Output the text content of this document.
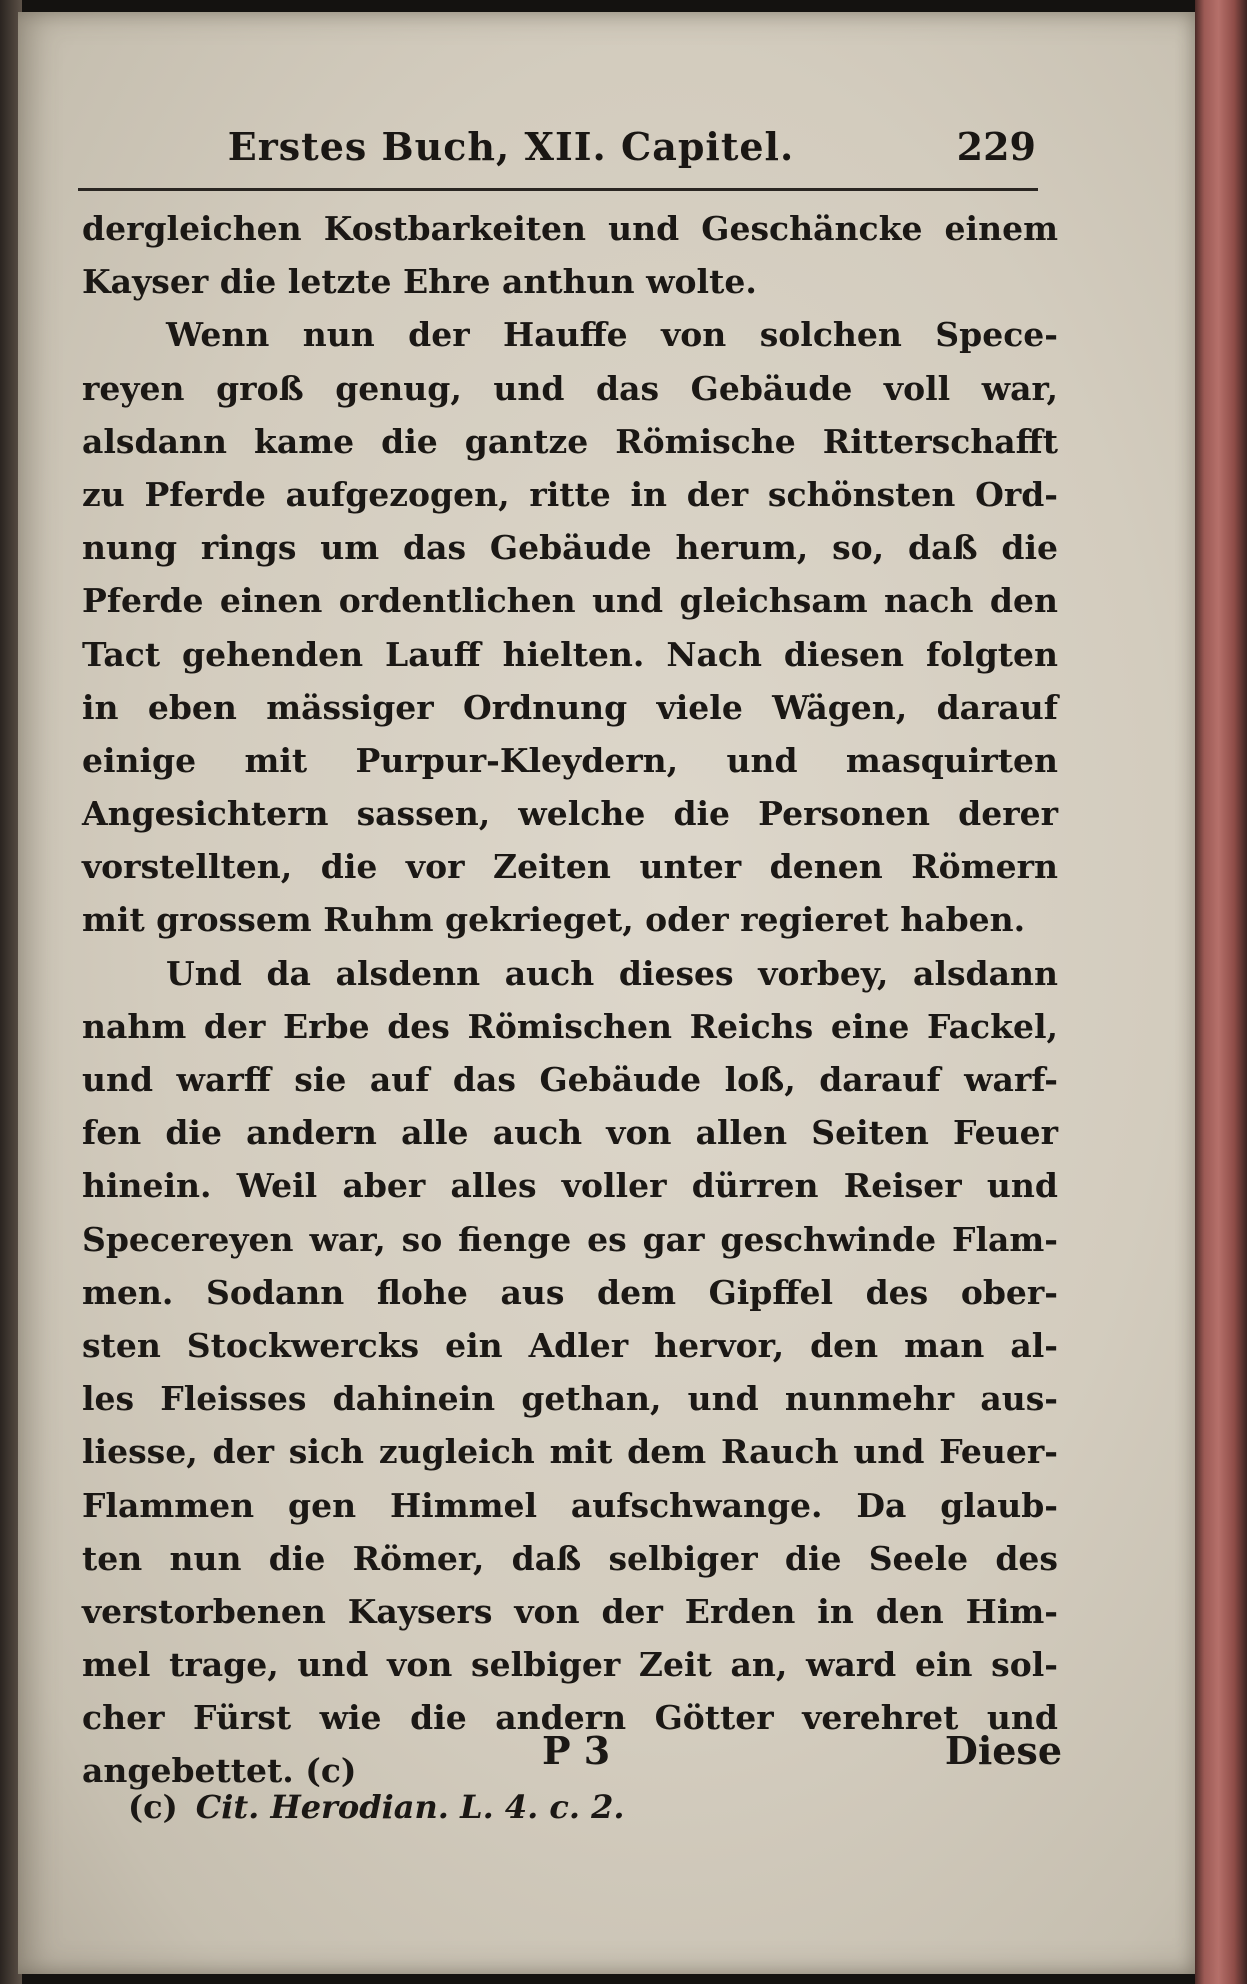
Erstes Buch, XII. Capitel.	229
dergleichen Kostbarkeiten und Geschäncke einem
Kayser die letzte Ehre anthun wolte.
Wenn nun der Hauffe von solchen Spece-
reyen groß genug, und das Gebäude voll war,
alsdann kame die gantze Römische Ritterschafft
zu Pferde aufgezogen, ritte in der schönsten Ord-
nung rings um das Gebäude herum, so, daß die
Pferde einen ordentlichen und gleichsam nach den
Tact gehenden Lauff hielten. Nach diesen folgten
in eben mässiger Ordnung viele Wägen, darauf
einige mit Purpur-Kleydern, und masquirten
Angesichtern sassen, welche die Personen derer
vorstellten, die vor Zeiten unter denen Römern
mit grossem Ruhm gekrieget, oder regieret haben.
Und da alsdenn auch dieses vorbey, alsdann
nahm der Erbe des Römischen Reichs eine Fackel,
und warff sie auf das Gebäude loß, darauf warf-
fen die andern alle auch von allen Seiten Feuer
hinein. Weil aber alles voller dürren Reiser und
Specereyen war, so fienge es gar geschwinde Flam-
men. Sodann flohe aus dem Gipffel des ober-
sten Stockwercks ein Adler hervor, den man al-
les Fleisses dahinein gethan, und nunmehr aus-
liesse, der sich zugleich mit dem Rauch und Feuer-
Flammen gen Himmel aufschwange. Da glaub-
ten nun die Römer, daß selbiger die Seele des
verstorbenen Kaysers von der Erden in den Him-
mel trage, und von selbiger Zeit an, ward ein sol-
cher Fürst wie die andern Götter verehret und
angebettet. (c)	P 3	Diese
(c) Cit. Herodian. L. 4. c. 2.
